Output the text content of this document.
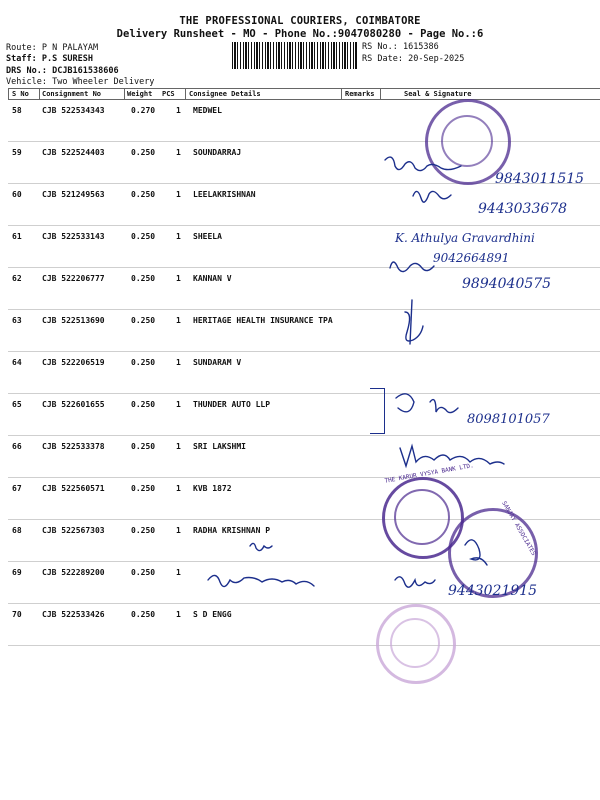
THE PROFESSIONAL COURIERS, COIMBATORE
Delivery Runsheet - MO - Phone No.:9047080280 - Page No.:6
Route: P N PALAYAM
Staff: P.S SURESH
DRS No.: DCJB161538606
Vehicle: Two Wheeler Delivery
RS No.: 1615386
RS Date: 20-Sep-2025
S No Consignment No	Weight PCS Consignee Details	Remarks	Seal & Signature
58	CJB 522534343	0.270	1 MEDWEL
59	CJB 522524403	0.250	1 SOUNDARRAJ
60	CJB 521249563	0.250	1 LEELAKRISHNAN
61	CJB 522533143	0.250	1 SHEELA
62	CJB 522206777	0.250	1 KANNAN V
63	CJB 522513690	0.250	1 HERITAGE HEALTH INSURANCE TPA
64	CJB 522206519	0.250	1 SUNDARAM V
65	CJB 522601655	0.250	1 THUNDER AUTO LLP
66	CJB 522533378	0.250	1 SRI LAKSHMI
67	CJB 522560571	0.250	1 KVB 1872
68	CJB 522567303	0.250	1 RADHA KRISHNAN P
69	CJB 522289200	0.250	1
70	CJB 522533426	0.250	1 S D ENGG
THE KARUR VYSYA BANK LTD.
SANJAY ASSOCIATES
9843011515
9443033678
K. Athulya Gravardhini
9042664891
9894040575
8098101057
9443021915
